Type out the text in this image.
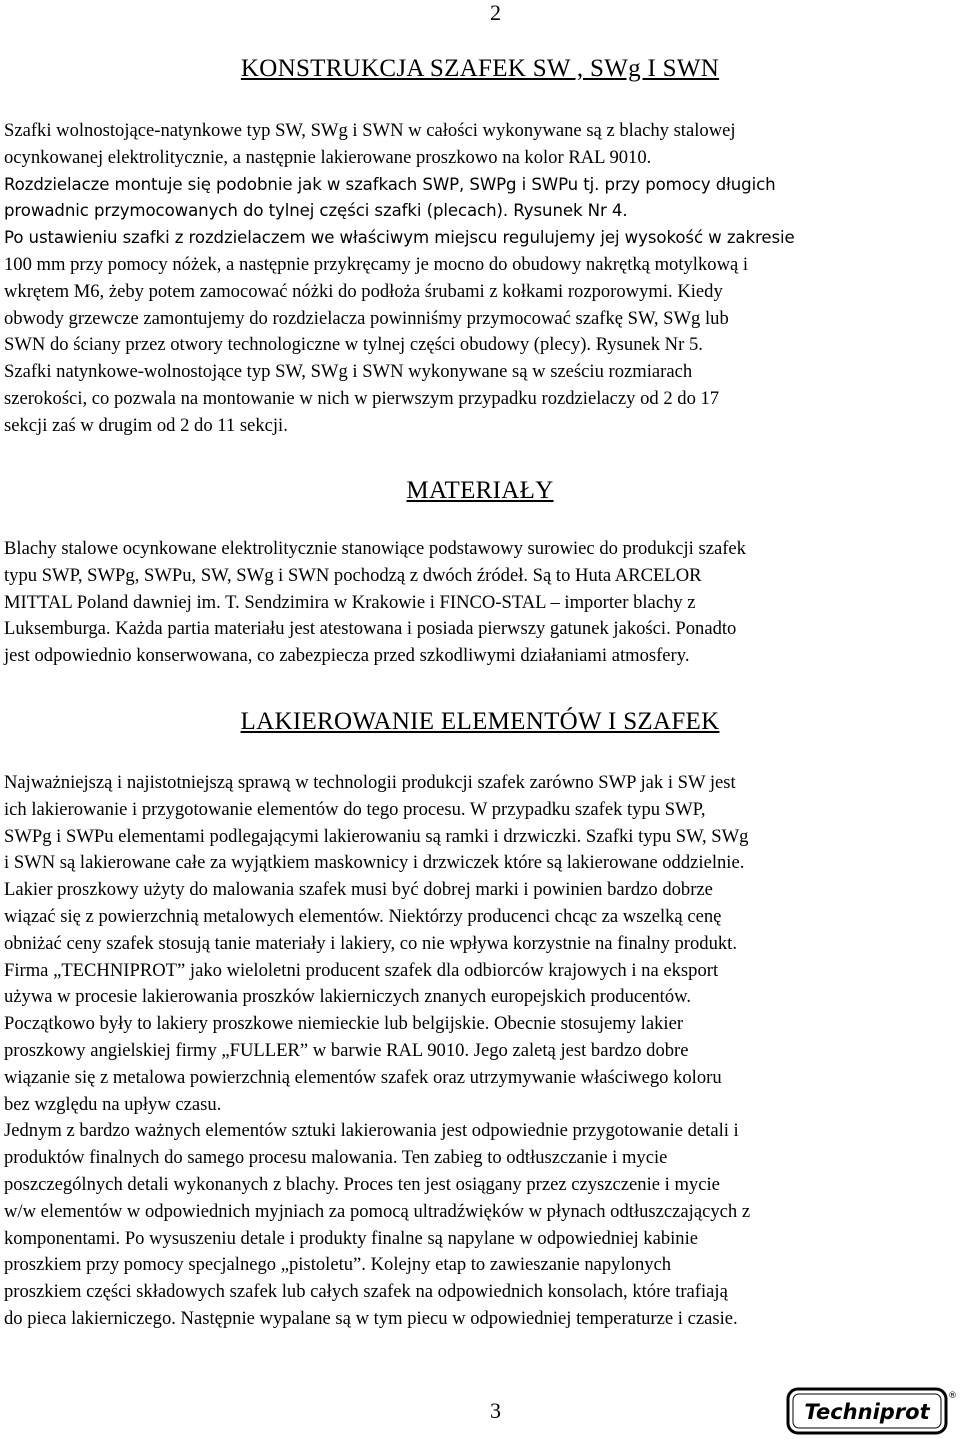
2
KONSTRUKCJA SZAFEK SW , SWg I SWN
Szafki wolnostojące-natynkowe typ SW, SWg i SWN w całości wykonywane są z blachy stalowej
ocynkowanej elektrolitycznie, a następnie lakierowane proszkowo na kolor RAL 9010.
Rozdzielacze montuje się podobnie jak w szafkach SWP, SWPg i SWPu tj. przy pomocy długich
prowadnic przymocowanych do tylnej części szafki (plecach). Rysunek Nr 4.
Po ustawieniu szafki z rozdzielaczem we właściwym miejscu regulujemy jej wysokość w zakresie
100 mm przy pomocy nóżek, a następnie przykręcamy je mocno do obudowy nakrętką motylkową i
wkrętem M6, żeby potem zamocować nóżki do podłoża śrubami z kołkami rozporowymi. Kiedy
obwody grzewcze zamontujemy do rozdzielacza powinniśmy przymocować szafkę SW, SWg lub
SWN do ściany przez otwory technologiczne w tylnej części obudowy (plecy). Rysunek Nr 5.
Szafki natynkowe-wolnostojące typ SW, SWg i SWN wykonywane są w sześciu rozmiarach
szerokości, co pozwala na montowanie w nich w pierwszym przypadku rozdzielaczy od 2 do 17
sekcji zaś w drugim od 2 do 11 sekcji.
MATERIAŁY
Blachy stalowe ocynkowane elektrolitycznie stanowiące podstawowy surowiec do produkcji szafek
typu SWP, SWPg, SWPu, SW, SWg i SWN pochodzą z dwóch źródeł. Są to Huta ARCELOR
MITTAL Poland dawniej im. T. Sendzimira w Krakowie i FINCO-STAL – importer blachy z
Luksemburga. Każda partia materiału jest atestowana i posiada pierwszy gatunek jakości. Ponadto
jest odpowiednio konserwowana, co zabezpiecza przed szkodliwymi działaniami atmosfery.
LAKIEROWANIE ELEMENTÓW I SZAFEK
Najważniejszą i najistotniejszą sprawą w technologii produkcji szafek zarówno SWP jak i SW jest
ich lakierowanie i przygotowanie elementów do tego procesu. W przypadku szafek typu SWP,
SWPg i SWPu elementami podlegającymi lakierowaniu są ramki i drzwiczki. Szafki typu SW, SWg
i SWN są lakierowane całe za wyjątkiem maskownicy i drzwiczek które są lakierowane oddzielnie.
Lakier proszkowy użyty do malowania szafek musi być dobrej marki i powinien bardzo dobrze
wiązać się z powierzchnią metalowych elementów. Niektórzy producenci chcąc za wszelką cenę
obniżać ceny szafek stosują tanie materiały i lakiery, co nie wpływa korzystnie na finalny produkt.
Firma „TECHNIPROT” jako wieloletni producent szafek dla odbiorców krajowych i na eksport
używa w procesie lakierowania proszków lakierniczych znanych europejskich producentów.
Początkowo były to lakiery proszkowe niemieckie lub belgijskie. Obecnie stosujemy lakier
proszkowy angielskiej firmy „FULLER” w barwie RAL 9010. Jego zaletą jest bardzo dobre
wiązanie się z metalowa powierzchnią elementów szafek oraz utrzymywanie właściwego koloru
bez względu na upływ czasu.
Jednym z bardzo ważnych elementów sztuki lakierowania jest odpowiednie przygotowanie detali i
produktów finalnych do samego procesu malowania. Ten zabieg to odtłuszczanie i mycie
poszczególnych detali wykonanych z blachy. Proces ten jest osiągany przez czyszczenie i mycie
w/w elementów w odpowiednich myjniach za pomocą ultradźwięków w płynach odtłuszczających z
komponentami. Po wysuszeniu detale i produkty finalne są napylane w odpowiedniej kabinie
proszkiem przy pomocy specjalnego „pistoletu”. Kolejny etap to zawieszanie napylonych
proszkiem części składowych szafek lub całych szafek na odpowiednich konsolach, które trafiają
do pieca lakierniczego. Następnie wypalane są w tym piecu w odpowiedniej temperaturze i czasie.
3	Techniprot
®
